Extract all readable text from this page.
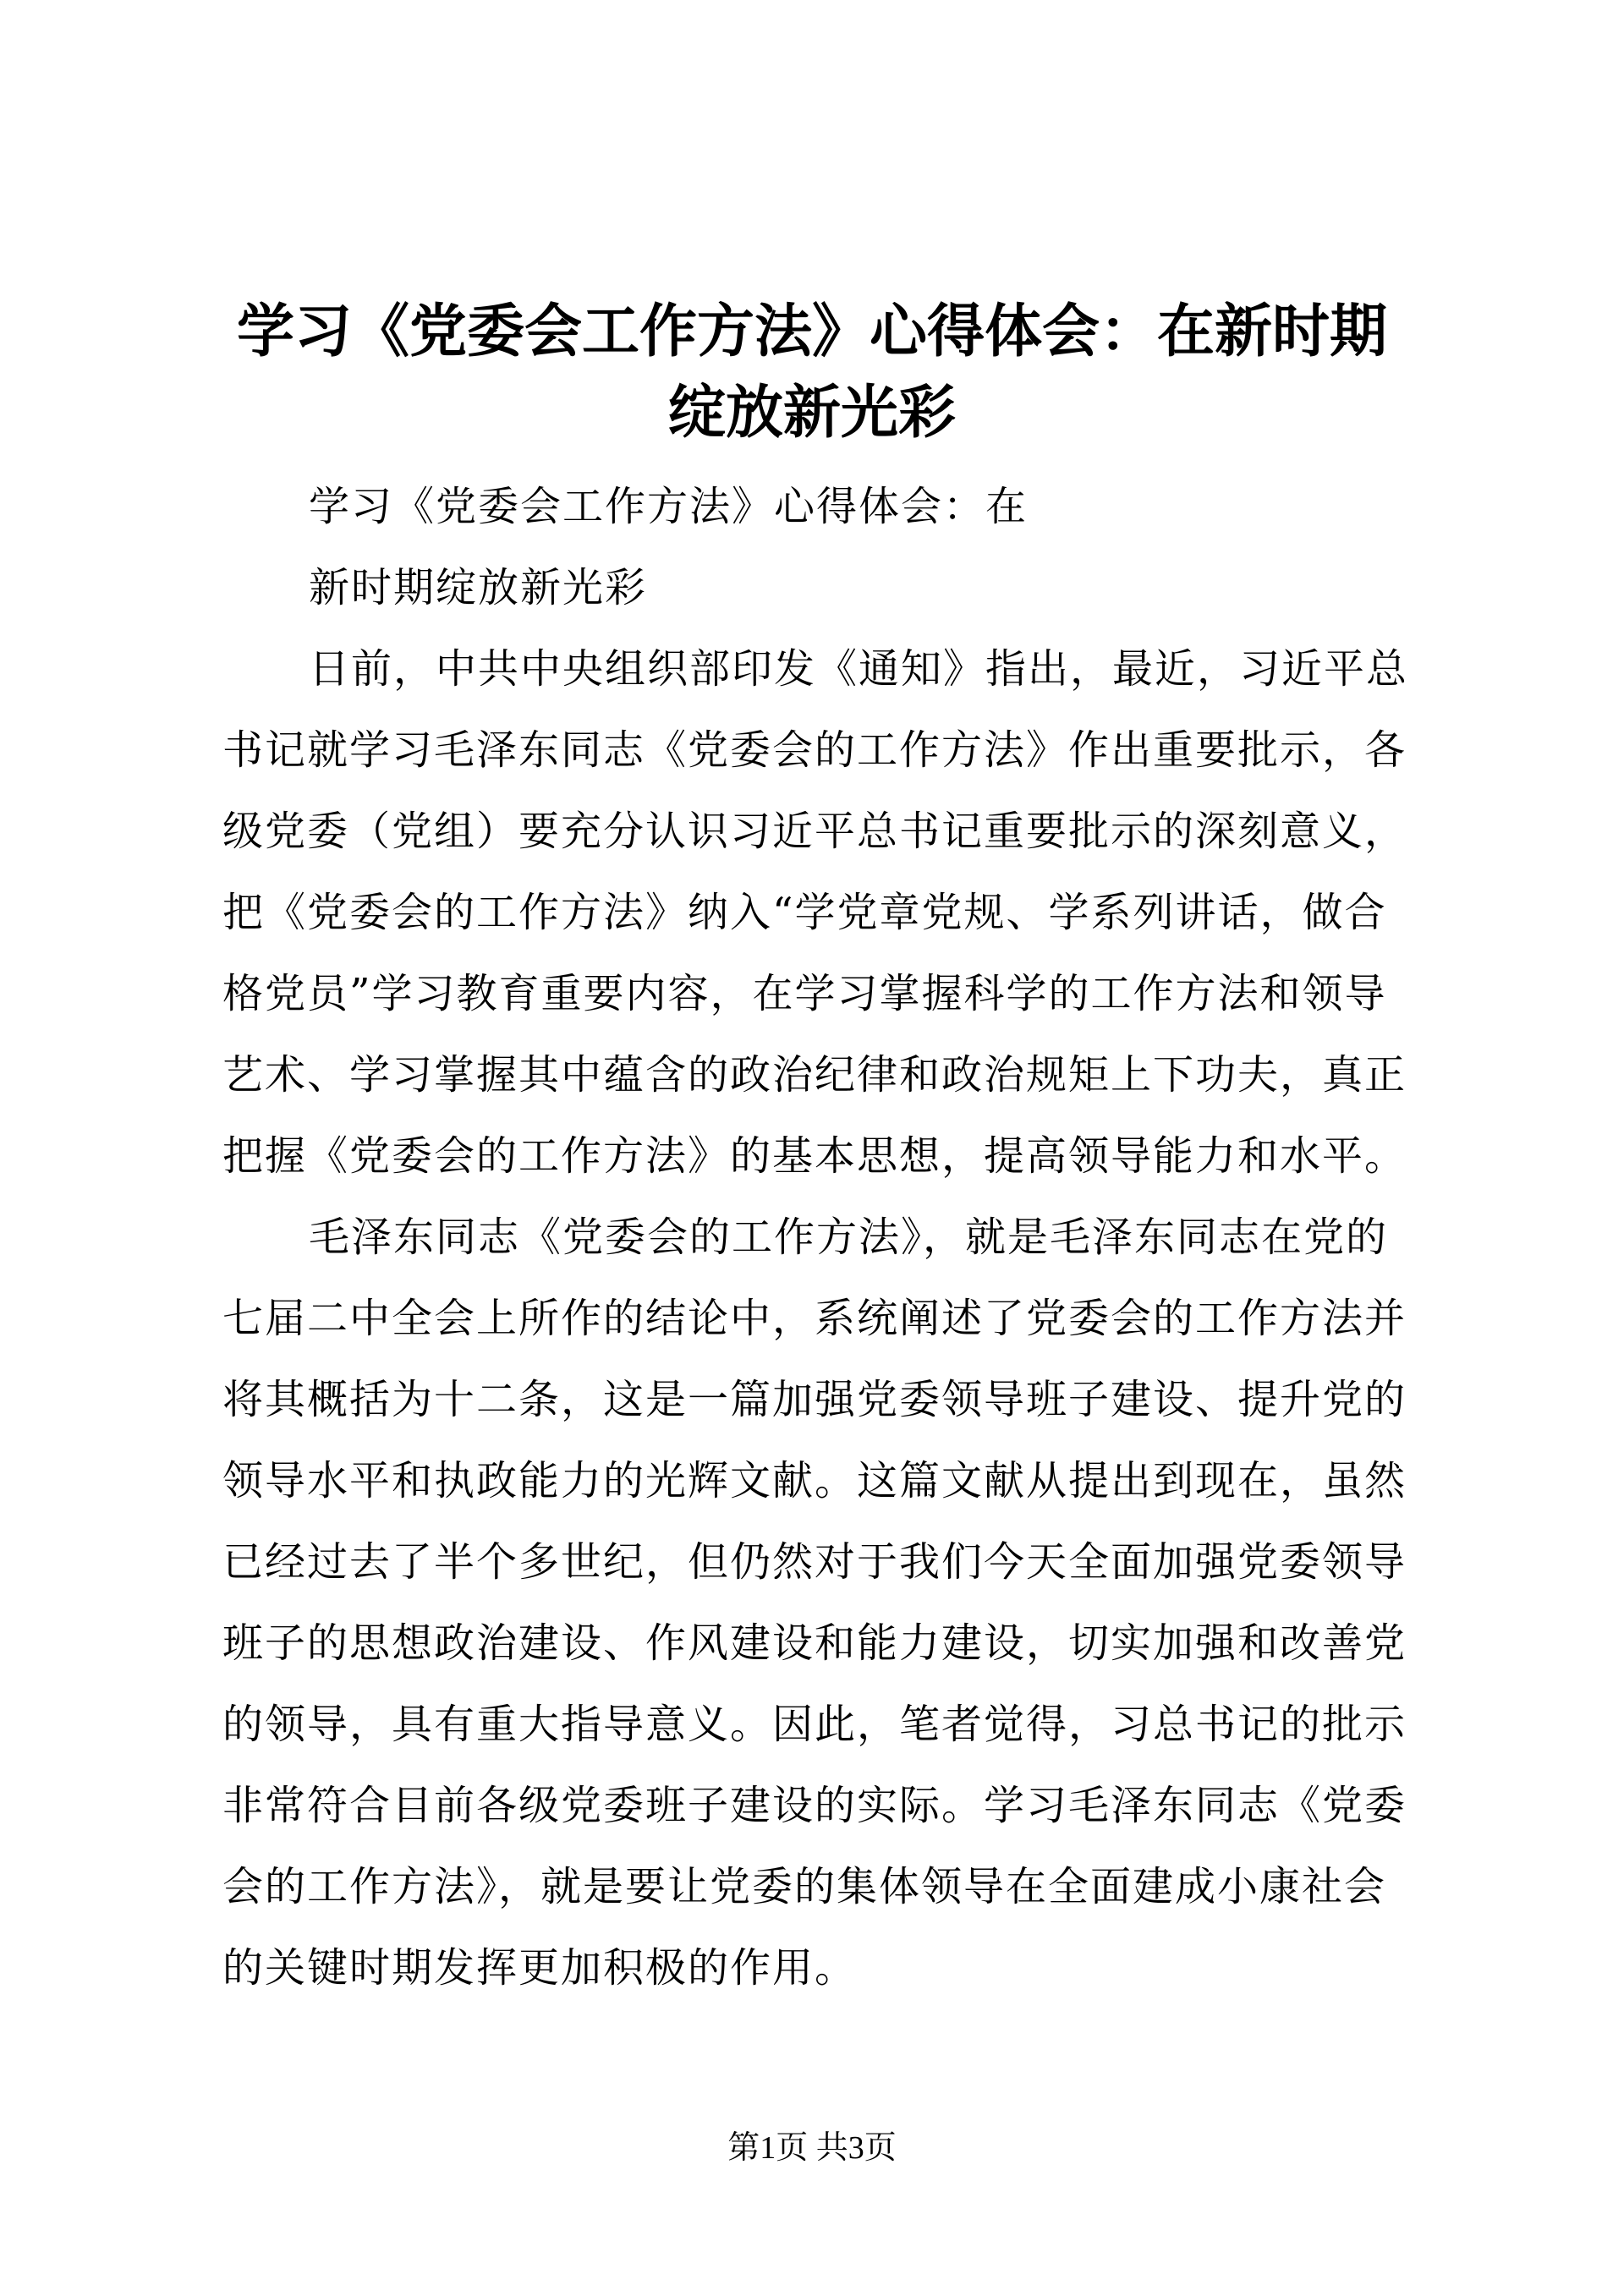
学习《党委会工作方法》心得体会：在新时期
绽放新光彩
学习《党委会工作方法》心得体会：在
新时期绽放新光彩
日前，中共中央组织部印发《通知》指出，最近，习近平总
书记就学习毛泽东同志《党委会的工作方法》作出重要批示，各
级党委（党组）要充分认识习近平总书记重要批示的深刻意义，
把《党委会的工作方法》纳入“学党章党规、学系列讲话，做合
格党员”学习教育重要内容，在学习掌握科学的工作方法和领导
艺术、学习掌握其中蕴含的政治纪律和政治规矩上下功夫，真正
把握《党委会的工作方法》的基本思想，提高领导能力和水平。
毛泽东同志《党委会的工作方法》，就是毛泽东同志在党的
七届二中全会上所作的结论中，系统阐述了党委会的工作方法并
将其概括为十二条，这是一篇加强党委领导班子建设、提升党的
领导水平和执政能力的光辉文献。这篇文献从提出到现在，虽然
已经过去了半个多世纪，但仍然对于我们今天全面加强党委领导
班子的思想政治建设、作风建设和能力建设，切实加强和改善党
的领导，具有重大指导意义。因此，笔者觉得，习总书记的批示
非常符合目前各级党委班子建设的实际。学习毛泽东同志《党委
会的工作方法》，就是要让党委的集体领导在全面建成小康社会
的关键时期发挥更加积极的作用。
第1页 共3页
